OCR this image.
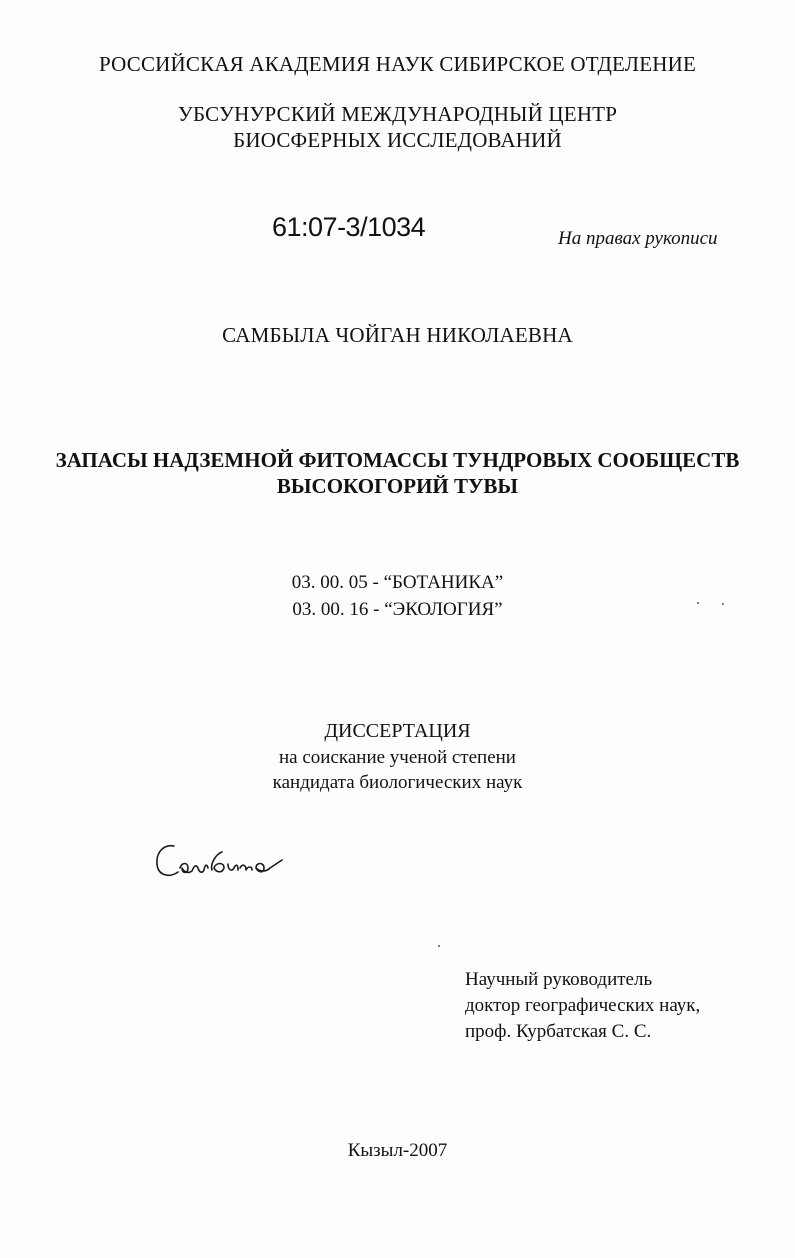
РОССИЙСКАЯ АКАДЕМИЯ НАУК СИБИРСКОЕ ОТДЕЛЕНИЕ
УБСУНУРСКИЙ МЕЖДУНАРОДНЫЙ ЦЕНТР
БИОСФЕРНЫХ ИССЛЕДОВАНИЙ
61:07-3/1034	На правах рукописи
САМБЫЛА ЧОЙГАН НИКОЛАЕВНА
ЗАПАСЫ НАДЗЕМНОЙ ФИТОМАССЫ ТУНДРОВЫХ СООБЩЕСТВ
ВЫСОКОГОРИЙ ТУВЫ
03. 00. 05 - “БОТАНИКА”
03. 00. 16 - “ЭКОЛОГИЯ”
ДИССЕРТАЦИЯ
на соискание ученой степени
кандидата биологических наук
Научный руководитель
доктор географических наук,
проф. Курбатская С. С.
Кызыл-2007
